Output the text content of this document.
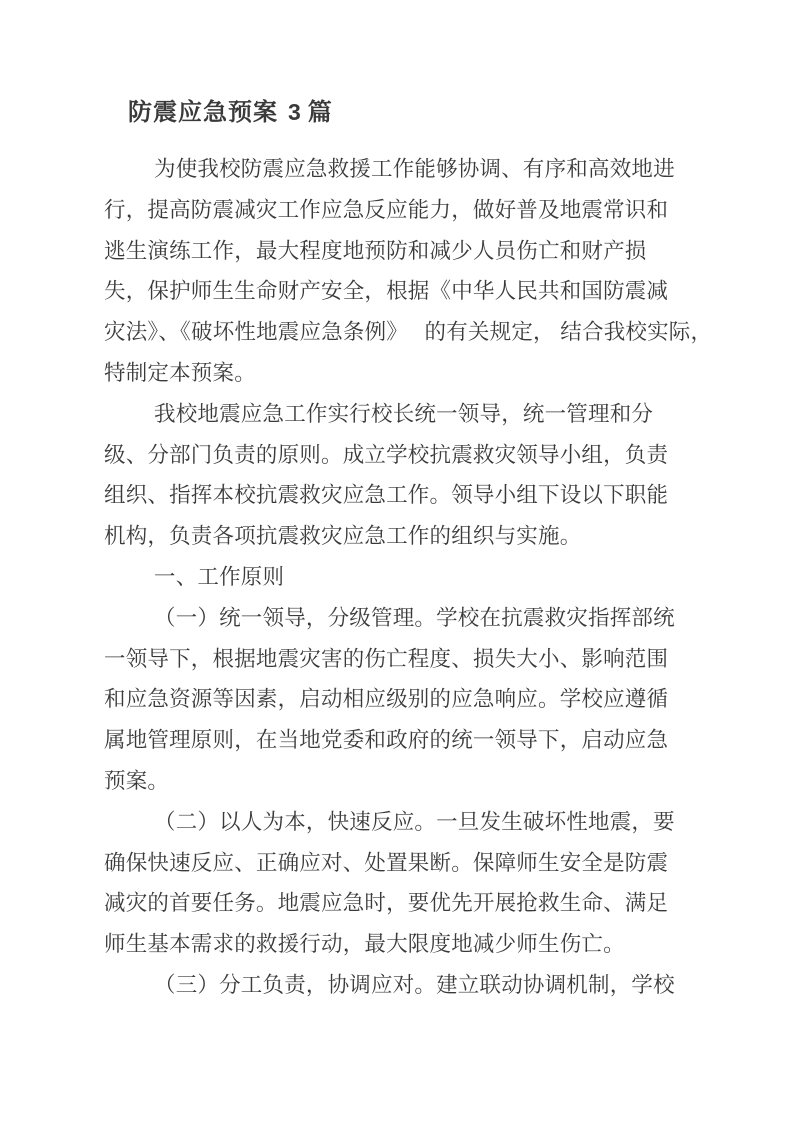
防震应急预案 3 篇
为使我校防震应急救援工作能够协调、有序和高效地进
行，提高防震减灾工作应急反应能力，做好普及地震常识和
逃生演练工作，最大程度地预防和减少人员伤亡和财产损
失，保护师生生命财产安全，根据《中华人民共和国防震减
灾法》、《破坏性地震应急条例》　 的有关规定， 结合我校实际，
特制定本预案。
我校地震应急工作实行校长统一领导，统一管理和分
级、分部门负责的原则。成立学校抗震救灾领导小组，负责
组织、指挥本校抗震救灾应急工作。领导小组下设以下职能
机构，负责各项抗震救灾应急工作的组织与实施。
一、工作原则
（一）统一领导，分级管理。学校在抗震救灾指挥部统
一领导下，根据地震灾害的伤亡程度、损失大小、影响范围
和应急资源等因素，启动相应级别的应急响应。学校应遵循
属地管理原则，在当地党委和政府的统一领导下，启动应急
预案。
（二）以人为本，快速反应。一旦发生破坏性地震，要
确保快速反应、正确应对、处置果断。保障师生安全是防震
减灾的首要任务。地震应急时，要优先开展抢救生命、满足
师生基本需求的救援行动，最大限度地减少师生伤亡。
（三）分工负责，协调应对。建立联动协调机制，学校
